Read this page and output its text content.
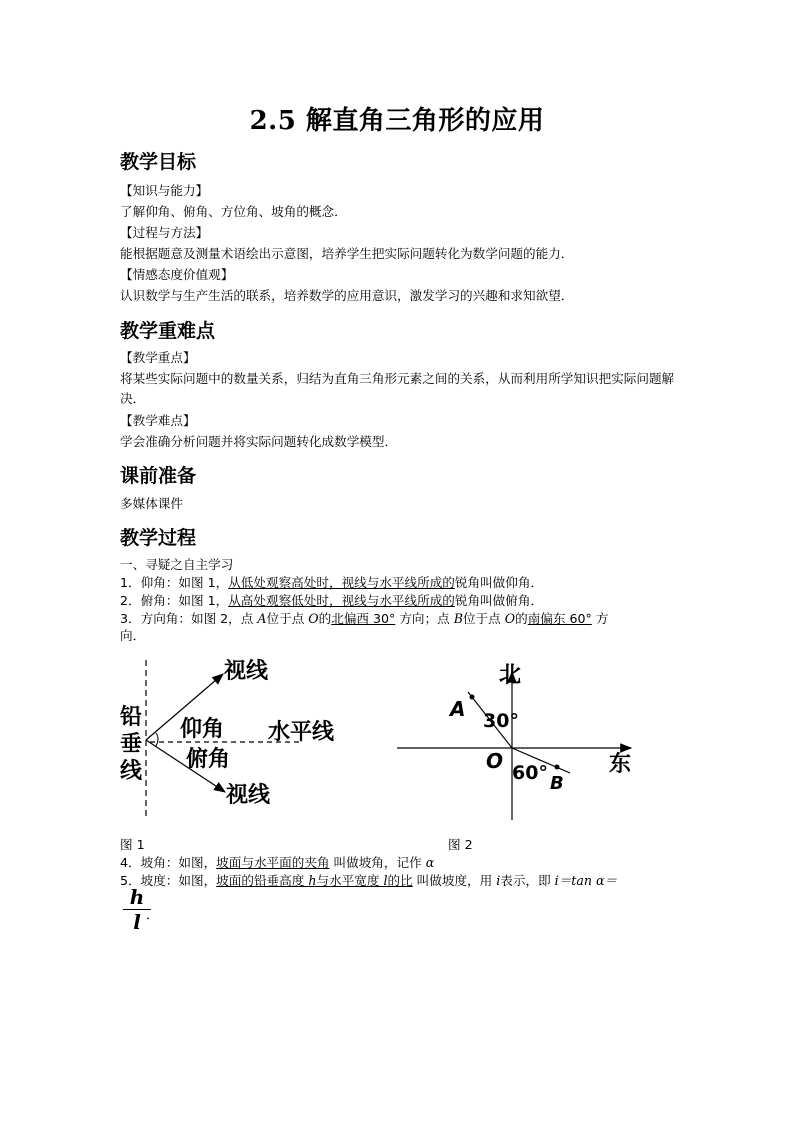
2.5 解直角三角形的应用
教学目标
【知识与能力】
了解仰角、俯角、方位角、坡角的概念．
【过程与方法】
能根据题意及测量术语绘出示意图，培养学生把实际问题转化为数学问题的能力．
【情感态度价值观】
认识数学与生产生活的联系，培养数学的应用意识，激发学习的兴趣和求知欲望．
教学重难点
【教学重点】
将某些实际问题中的数量关系，归结为直角三角形元素之间的关系，从而利用所学知识把实际问题解决．
【教学难点】
学会准确分析问题并将实际问题转化成数学模型．
课前准备
多媒体课件
教学过程
一、寻疑之自主学习
1．仰角：如图 1，从低处观察高处时，视线与水平线所成的锐角叫做仰角．
2．俯角：如图 1，从高处观察低处时，视线与水平线所成的锐角叫做俯角．
3．方向角：如图 2，点 A位于点 O的北偏西 30° 方向；点 B位于点 O的南偏东 60° 方
向．
视线
仰角 水平线
俯角
视线
铅
垂
线
北
东
A
B
O
30°
60°
图 1	图 2
4．坡角：如图，坡面与水平面的夹角 叫做坡角，记作 α
5．坡度：如图，坡面的铅垂高度 h与水平宽度 l的比 叫做坡度，用 i表示，即 i＝tan α＝
h
l ．
